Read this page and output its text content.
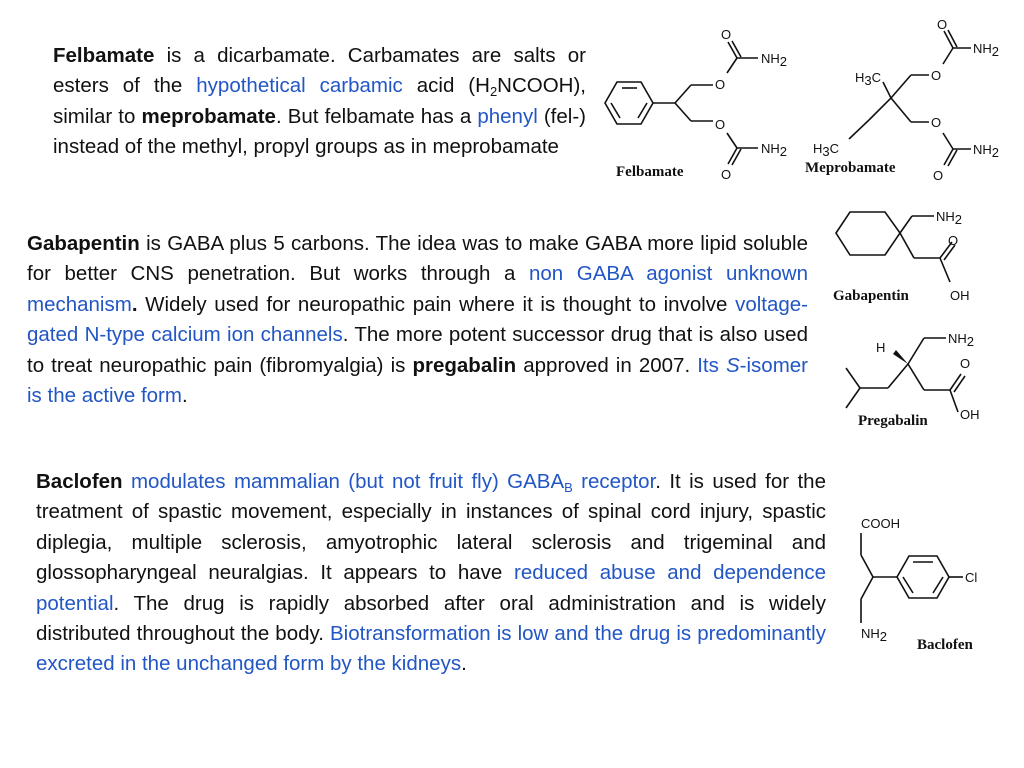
Felbamate is a dicarbamate. Carbamates are salts or esters of the hypothetical carbamic acid $(H_2NCOOH)$, similar to meprobamate. But felbamate has a phenyl (fel-) instead of the methyl, propyl groups as in meprobamate

Gabapentin is GABA plus 5 carbons. The idea was to make GABA more lipid soluble for better CNS penetration. But works through a non GABA agonist unknown mechanism. Widely used for neuropathic pain where it is thought to involve voltage-gated N-type calcium ion channels. The more potent successor drug that is also used to treat neuropathic pain (fibromyalgia) is pregabalin approved in 2007. Its S-isomer is the active form.

Baclofen modulates mammalian (but not fruit fly) $GABA_B$ receptor. It is used for the treatment of spastic movement, especially in instances of spinal cord injury, spastic diplegia, multiple sclerosis, amyotrophic lateral sclerosis and trigeminal and glossopharyngeal neuralgias. It appears to have reduced abuse and dependence potential. The drug is rapidly absorbed after oral administration and is widely distributed throughout the body. Biotransformation is low and the drug is predominantly excreted in the unchanged form by the kidneys.

O
O
O
O
NH2
NH2
Felbamate
O
O
O
O
NH2
NH2
H3C
H3C
Meprobamate
NH2
O
OH
Gabapentin
H
NH2
O
OH
Pregabalin
COOH
Cl
NH2
Baclofen
